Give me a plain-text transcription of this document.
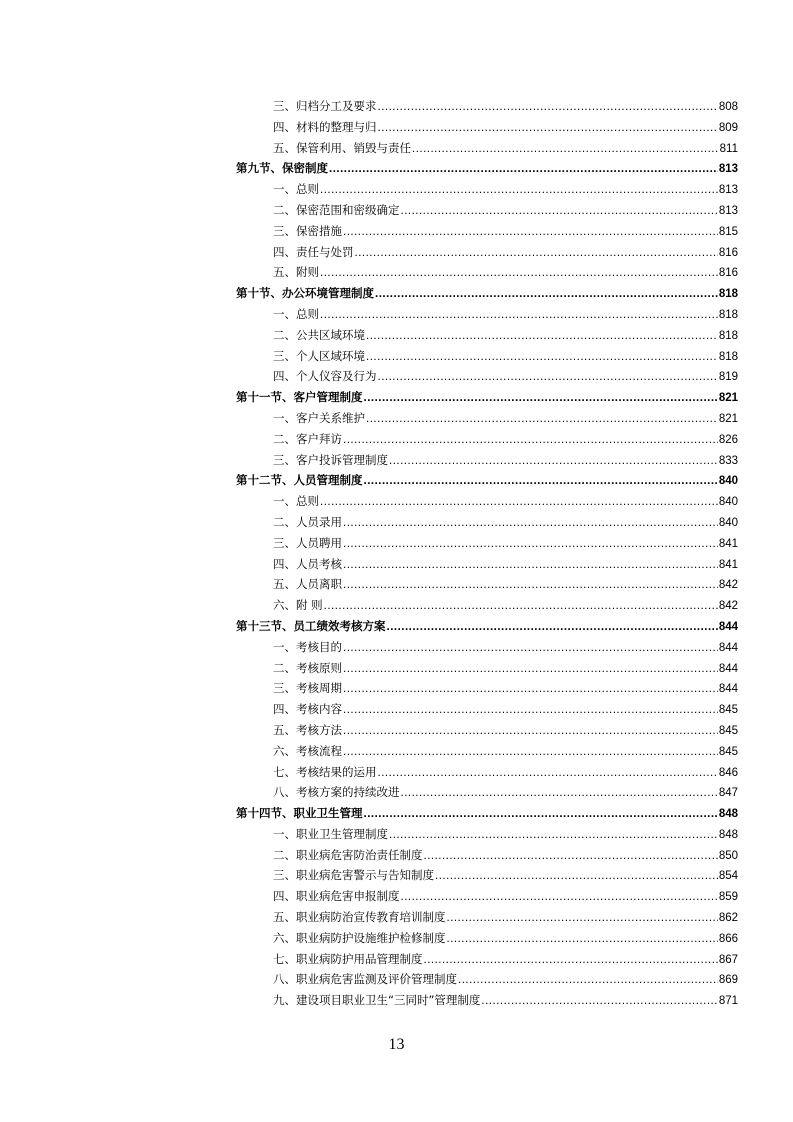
三、归档分工及要求 .....	808
四、材料的整理与归 .....	809
五、保管利用、销毁与责任 .....	811
第九节、保密制度 .....	813
一、总则 .....	813
二、保密范围和密级确定 .....	813
三、保密措施 .....	815
四、责任与处罚 .....	816
五、附则 .....	816
第十节、办公环境管理制度 .....	818
一、总则 .....	818
二、公共区域环境 .....	818
三、个人区域环境 .....	818
四、个人仪容及行为 .....	819
第十一节、客户管理制度 .....	821
一、客户关系维护 .....	821
二、客户拜访 .....	826
三、客户投诉管理制度 .....	833
第十二节、人员管理制度 .....	840
一、总则 .....	840
二、人员录用 .....	840
三、人员聘用 .....	841
四、人员考核 .....	841
五、人员离职 .....	842
六、附 则 .....	842
第十三节、员工绩效考核方案 .....	844
一、考核目的 .....	844
二、考核原则 .....	844
三、考核周期 .....	844
四、考核内容 .....	845
五、考核方法 .....	845
六、考核流程 .....	845
七、考核结果的运用 .....	846
八、考核方案的持续改进 .....	847
第十四节、职业卫生管理 .....	848
一、职业卫生管理制度 .....	848
二、职业病危害防治责任制度 .....	850
三、职业病危害警示与告知制度 .....	854
四、职业病危害申报制度 .....	859
五、职业病防治宣传教育培训制度 .....	862
六、职业病防护设施维护检修制度 .....	866
七、职业病防护用品管理制度 .....	867
八、职业病危害监测及评价管理制度 .....	869
九、建设项目职业卫生“三同时”管理制度 .....	871
13
